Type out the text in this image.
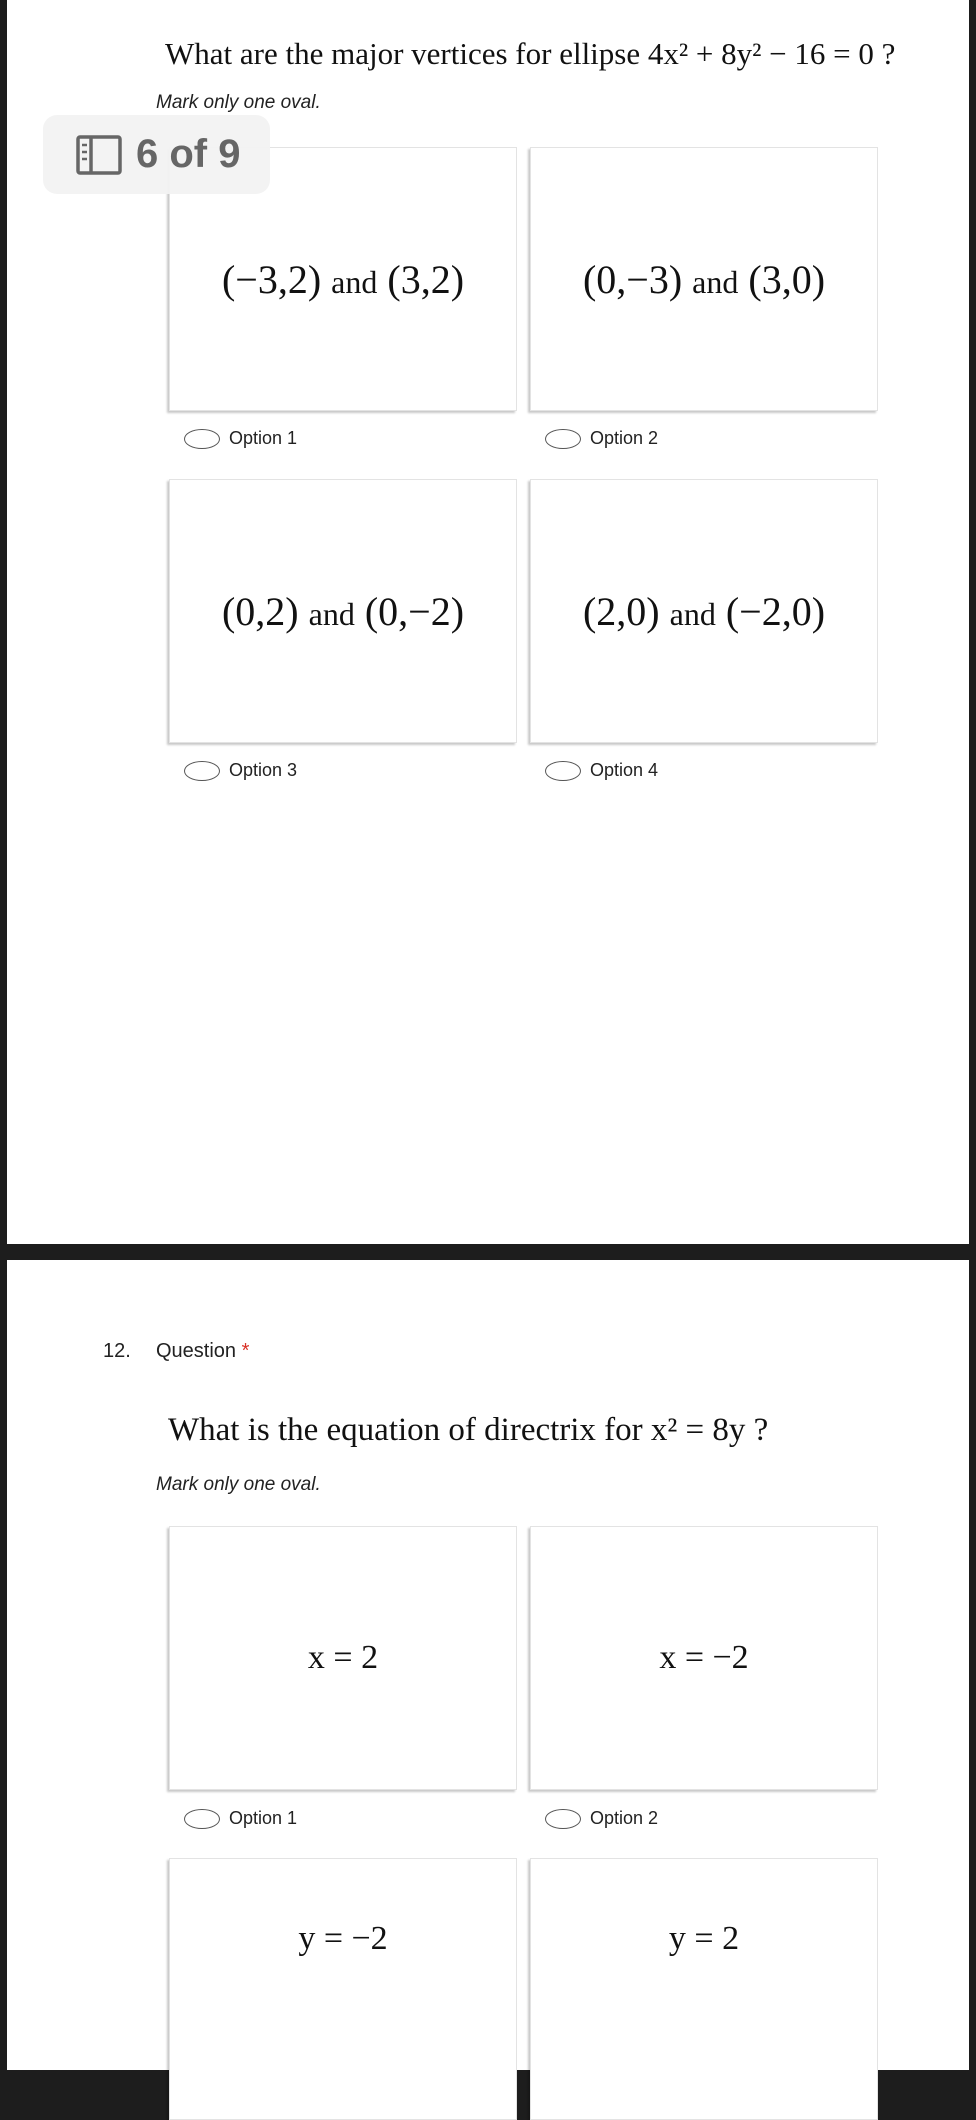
What are the major vertices for ellipse 4x² + 8y² − 16 = 0 ?
Mark only one oval.
(−3,2) and (3,2)	(0,−3) and (3,0)
Option 1	Option 2
(0,2) and (0,−2)	(2,0) and (−2,0)
Option 3	Option 4
12. Question *
What is the equation of directrix for x² = 8y ?
Mark only one oval.
x = 2	x = −2
Option 1	Option 2
y = −2	y = 2
6 of 9
